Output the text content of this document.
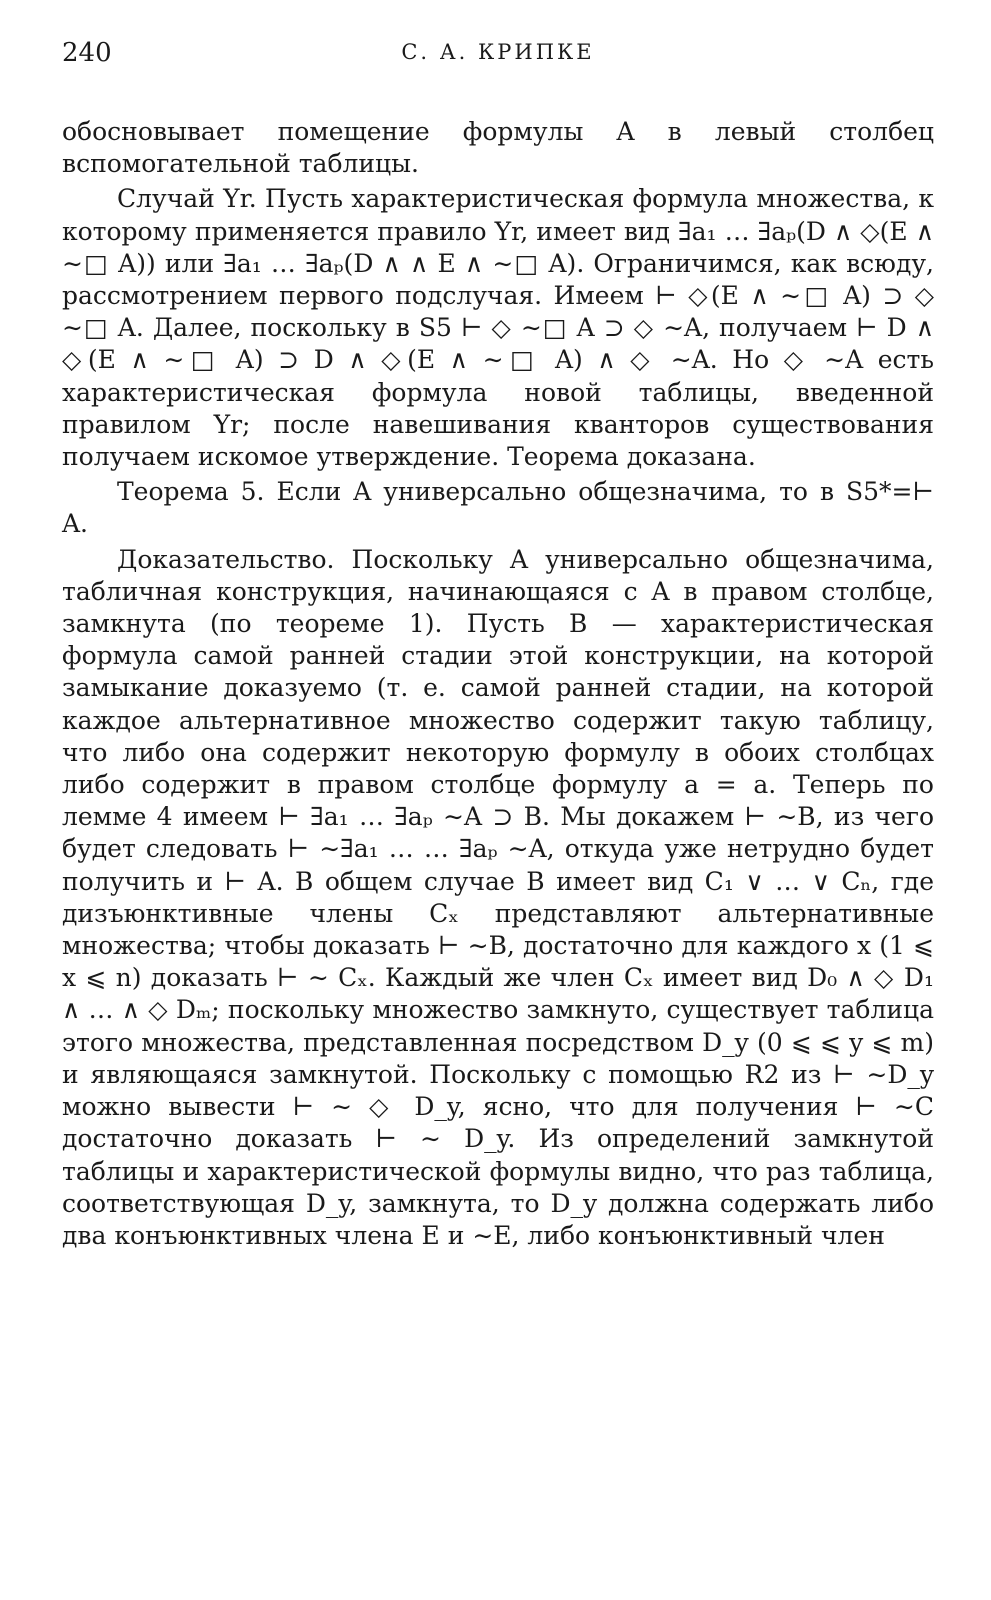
240	С. А. КРИПКЕ

обосновывает помещение формулы A в левый столбец вспомогательной таблицы.

Случай Yr. Пусть характеристическая формула множества, к которому применяется правило Yr, имеет вид ∃a₁ … ∃aₚ(D ∧ ◇(E ∧ ∼□ A)) или ∃a₁ … ∃aₚ(D ∧ ∧ E ∧ ∼□ A). Ограничимся, как всюду, рассмотрением первого подслучая. Имеем ⊢ ◇(E ∧ ∼□ A) ⊃ ◇ ∼□ A. Далее, поскольку в S5 ⊢ ◇ ∼□ A ⊃ ◇ ∼A, получаем ⊢ D ∧ ◇(E ∧ ∼□ A) ⊃ D ∧ ◇(E ∧ ∼□ A) ∧ ◇ ∼A. Но ◇ ∼A есть характеристическая формула новой таблицы, введенной правилом Yr; после навешивания кванторов существования получаем искомое утверждение. Теорема доказана.

Теорема 5. Если A универсально общезначима, то в S5*=⊢ A.

Доказательство. Поскольку A универсально общезначима, табличная конструкция, начинающаяся с A в правом столбце, замкнута (по теореме 1). Пусть B — характеристическая формула самой ранней стадии этой конструкции, на которой замыкание доказуемо (т. е. самой ранней стадии, на которой каждое альтернативное множество содержит такую таблицу, что либо она содержит некоторую формулу в обоих столбцах либо содержит в правом столбце формулу a = a. Теперь по лемме 4 имеем ⊢ ∃a₁ … ∃aₚ ∼A ⊃ B. Мы докажем ⊢ ∼B, из чего будет следовать ⊢ ∼∃a₁ … … ∃aₚ ∼A, откуда уже нетрудно будет получить и ⊢ A. В общем случае B имеет вид C₁ ∨ … ∨ Cₙ, где дизъюнктивные члены Cₓ представляют альтернативные множества; чтобы доказать ⊢ ∼B, достаточно для каждого x (1 ⩽ x ⩽ n) доказать ⊢ ∼ Cₓ. Каждый же член Cₓ имеет вид D₀ ∧ ◇ D₁ ∧ … ∧ ◇ Dₘ; поскольку множество замкнуто, существует таблица этого множества, представленная посредством D_y (0 ⩽ ⩽ y ⩽ m) и являющаяся замкнутой. Поскольку с помощью R2 из ⊢ ∼D_y можно вывести ⊢ ∼ ◇ D_y, ясно, что для получения ⊢ ∼C достаточно доказать ⊢ ∼ D_y. Из определений замкнутой таблицы и характеристической формулы видно, что раз таблица, соответствующая D_y, замкнута, то D_y должна содержать либо два конъюнктивных члена E и ∼E, либо конъюнктивный член
